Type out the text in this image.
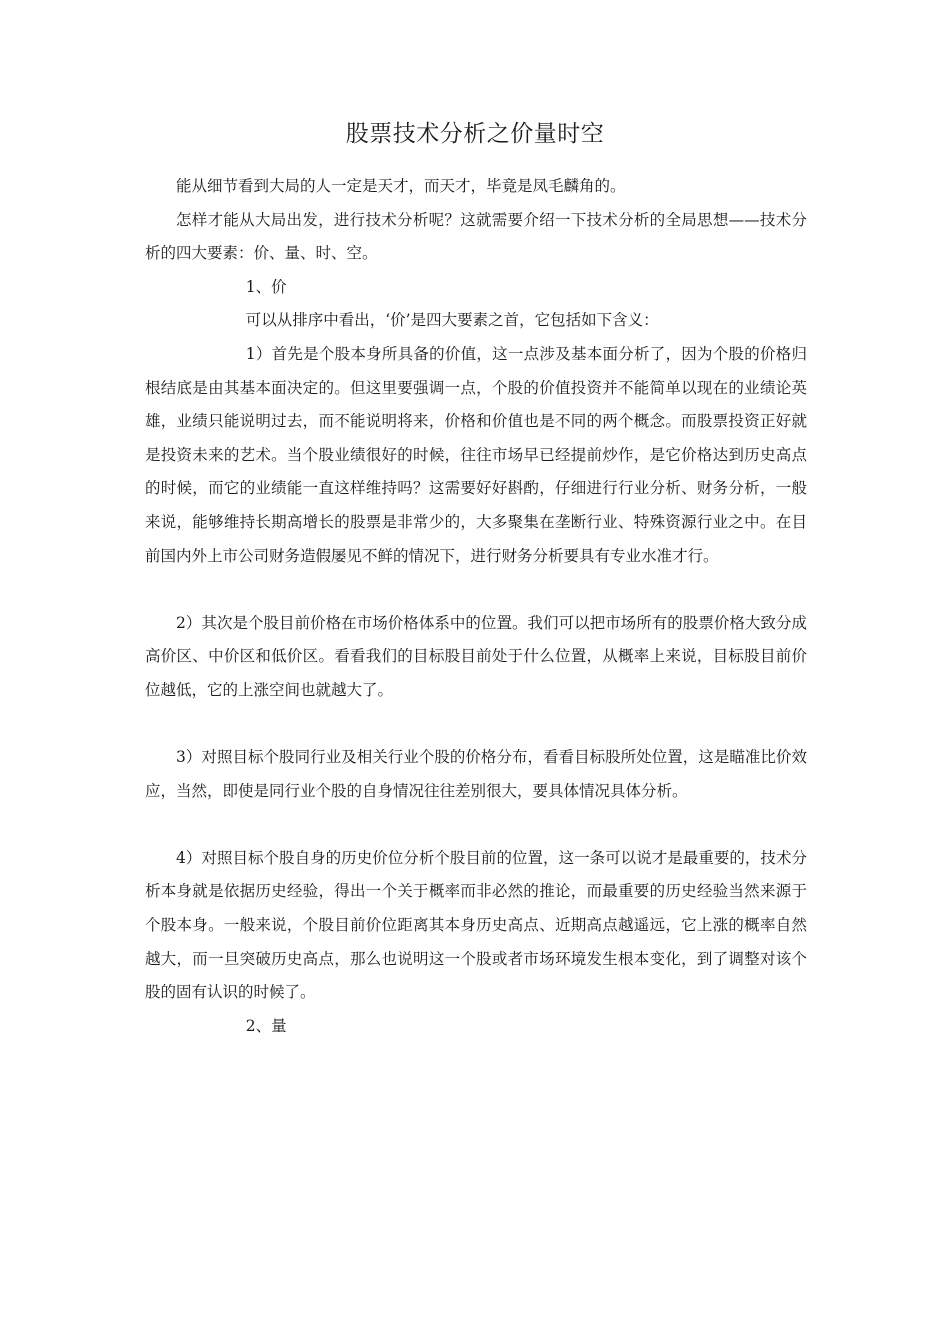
股票技术分析之价量时空

能从细节看到大局的人一定是天才，而天才，毕竟是凤毛麟角的。

怎样才能从大局出发，进行技术分析呢？这就需要介绍一下技术分析的全局思想——技术分析的四大要素：价、量、时、空。

1、价

可以从排序中看出，‘价’是四大要素之首，它包括如下含义：

1）首先是个股本身所具备的价值，这一点涉及基本面分析了，因为个股的价格归根结底是由其基本面决定的。但这里要强调一点，个股的价值投资并不能简单以现在的业绩论英雄，业绩只能说明过去，而不能说明将来，价格和价值也是不同的两个概念。而股票投资正好就是投资未来的艺术。当个股业绩很好的时候，往往市场早已经提前炒作，是它价格达到历史高点的时候，而它的业绩能一直这样维持吗？这需要好好斟酌，仔细进行行业分析、财务分析，一般来说，能够维持长期高增长的股票是非常少的，大多聚集在垄断行业、特殊资源行业之中。在目前国内外上市公司财务造假屡见不鲜的情况下，进行财务分析要具有专业水准才行。

2）其次是个股目前价格在市场价格体系中的位置。我们可以把市场所有的股票价格大致分成高价区、中价区和低价区。看看我们的目标股目前处于什么位置，从概率上来说，目标股目前价位越低，它的上涨空间也就越大了。

3）对照目标个股同行业及相关行业个股的价格分布，看看目标股所处位置，这是瞄准比价效应，当然，即使是同行业个股的自身情况往往差别很大，要具体情况具体分析。

4）对照目标个股自身的历史价位分析个股目前的位置，这一条可以说才是最重要的，技术分析本身就是依据历史经验，得出一个关于概率而非必然的推论，而最重要的历史经验当然来源于个股本身。一般来说，个股目前价位距离其本身历史高点、近期高点越遥远，它上涨的概率自然越大，而一旦突破历史高点，那么也说明这一个股或者市场环境发生根本变化，到了调整对该个股的固有认识的时候了。

2、量
